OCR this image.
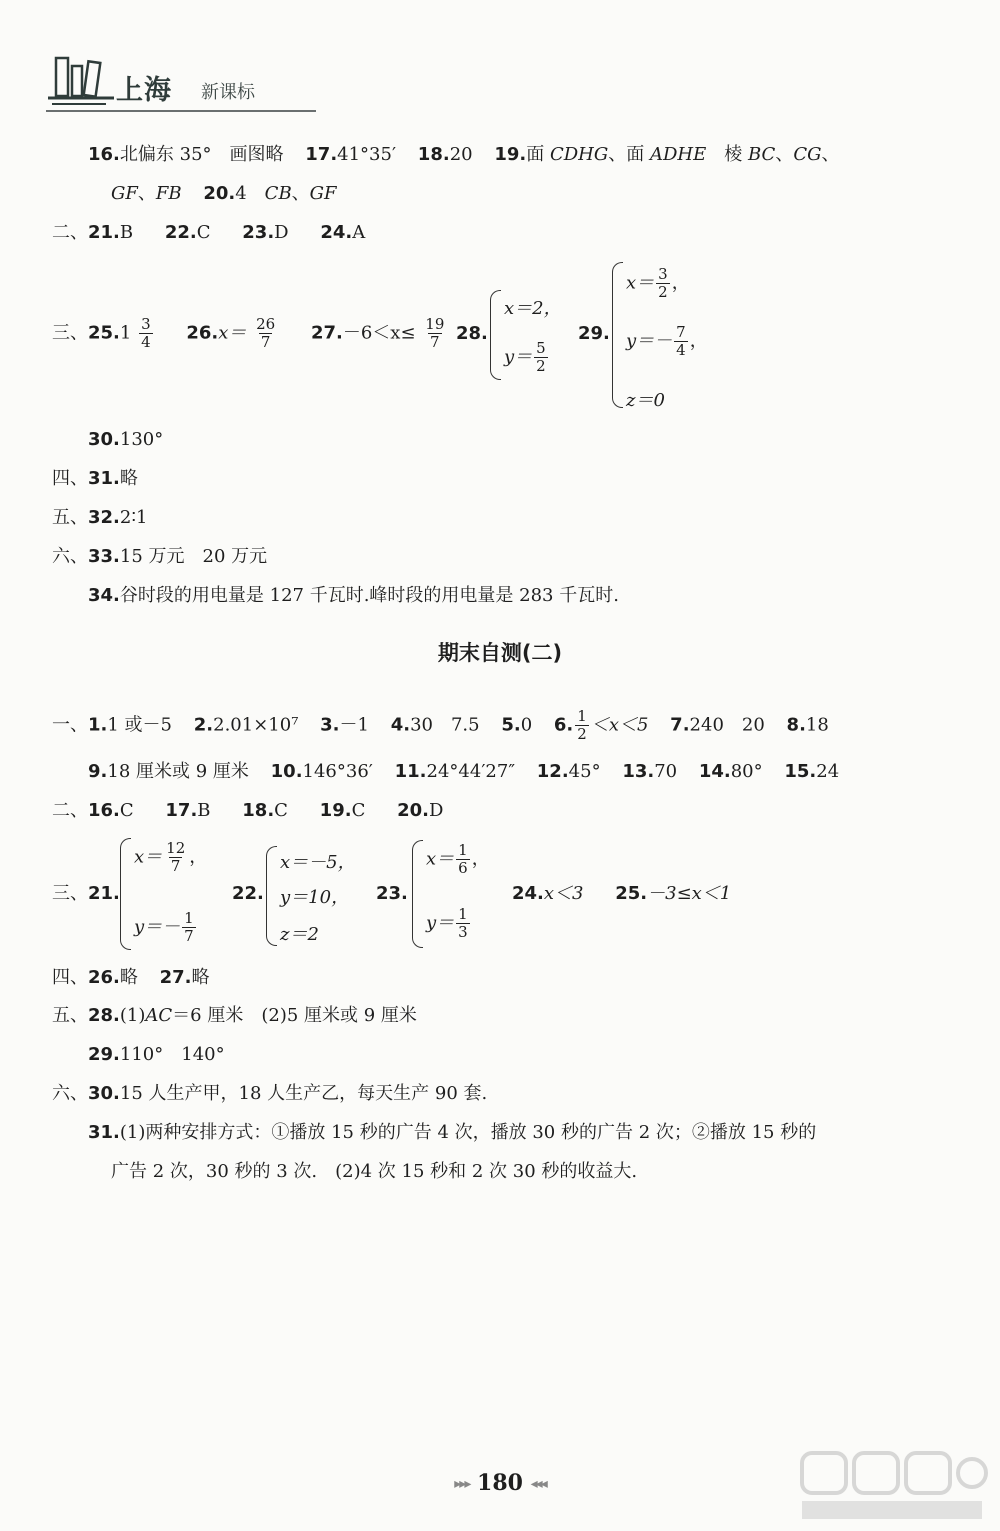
上海 新课标
16.北偏东 35°　画图略 17.41°35′ 18.20 19.面 CDHG、面 ADHE　棱 BC、CG、
GF、FB 20.4　CB、GF
二、21.B 22.C 23.D 24.A
三、$25.1 \frac{3}{4} 26.x= \frac{26}{7} 27.-6<x\le \frac{19}{7} 28$.
x＝2，
$y= \frac{5}{2}$
29.
$x= \frac{3}{2}$ ，
$y=- \frac{7}{4}$ ，
z＝0
30.130°
四、31.略
五、32.2∶1
六、33.15 万元　20 万元
34.谷时段的用电量是 127 千瓦时.峰时段的用电量是 283 千瓦时.
期末自测(二)
一、1.1 或－5 2.2.01×10⁷ 3.－1 4.30　7.5 5.0 6. $\frac{1}{2} <x<5$ 7.240　20 8.18
9.18 厘米或 9 厘米 10.146°36′ 11.24°44′27″ 12.45° 13.70 14.80° 15.24
二、16.C 17.B 18.C 19.C 20.D
三、21.
$x= \frac{12}{7}$ ，
$y=- \frac{1}{7}$
22.
x＝－5，
y＝10，
z＝2
23.
$x= \frac{1}{6}$ ，
$y= \frac{1}{3}$
24.x＜3 25.－3≤x＜1
四、26.略 27.略
五、28.(1)AC＝6 厘米　(2)5 厘米或 9 厘米
29.110°　140°
六、30.15 人生产甲，18 人生产乙，每天生产 90 套.
31.(1)两种安排方式：①播放 15 秒的广告 4 次，播放 30 秒的广告 2 次；②播放 15 秒的
广告 2 次，30 秒的 3 次.　(2)4 次 15 秒和 2 次 30 秒的收益大.
▸▸▸ 180 ◂◂◂
